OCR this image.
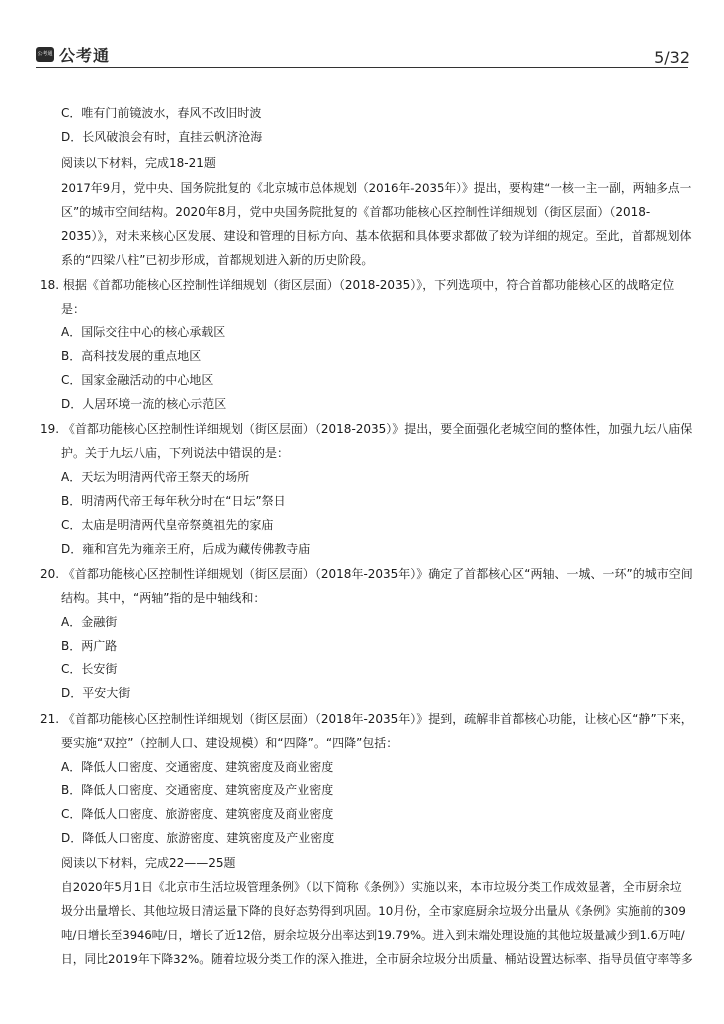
公考通 公考通	5/32
C．唯有门前镜波水，春风不改旧时波
D．长风破浪会有时，直挂云帆济沧海
阅读以下材料，完成18-21题
2017年9月，党中央、国务院批复的《北京城市总体规划（2016年-2035年）》提出，要构建“一核一主一副，两轴多点一
区”的城市空间结构。2020年8月，党中央国务院批复的《首都功能核心区控制性详细规划（街区层面）（2018-
2035）》，对未来核心区发展、建设和管理的目标方向、基本依据和具体要求都做了较为详细的规定。至此，首都规划体
系的“四梁八柱”已初步形成，首都规划进入新的历史阶段。
18. 根据《首都功能核心区控制性详细规划（街区层面）（2018-2035）》，下列选项中，符合首都功能核心区的战略定位
是：
A．国际交往中心的核心承载区
B．高科技发展的重点地区
C．国家金融活动的中心地区
D．人居环境一流的核心示范区
19. 《首都功能核心区控制性详细规划（街区层面）（2018-2035）》提出，要全面强化老城空间的整体性，加强九坛八庙保
护。关于九坛八庙，下列说法中错误的是：
A．天坛为明清两代帝王祭天的场所
B．明清两代帝王每年秋分时在“日坛”祭日
C．太庙是明清两代皇帝祭奠祖先的家庙
D．雍和宫先为雍亲王府，后成为藏传佛教寺庙
20. 《首都功能核心区控制性详细规划（街区层面）（2018年-2035年）》确定了首都核心区“两轴、一城、一环”的城市空间
结构。其中，“两轴”指的是中轴线和：
A．金融街
B．两广路
C．长安街
D．平安大街
21. 《首都功能核心区控制性详细规划（街区层面）（2018年-2035年）》提到，疏解非首都核心功能，让核心区“静”下来，
要实施“双控”（控制人口、建设规模）和“四降”。“四降”包括：
A．降低人口密度、交通密度、建筑密度及商业密度
B．降低人口密度、交通密度、建筑密度及产业密度
C．降低人口密度、旅游密度、建筑密度及商业密度
D．降低人口密度、旅游密度、建筑密度及产业密度
阅读以下材料，完成22——25题
自2020年5月1日《北京市生活垃圾管理条例》（以下简称《条例》）实施以来，本市垃圾分类工作成效显著，全市厨余垃
圾分出量增长、其他垃圾日清运量下降的良好态势得到巩固。10月份，全市家庭厨余垃圾分出量从《条例》实施前的309
吨/日增长至3946吨/日，增长了近12倍，厨余垃圾分出率达到19.79%。进入到末端处理设施的其他垃圾量减少到1.6万吨/
日，同比2019年下降32%。随着垃圾分类工作的深入推进，全市厨余垃圾分出质量、桶站设置达标率、指导员值守率等多
